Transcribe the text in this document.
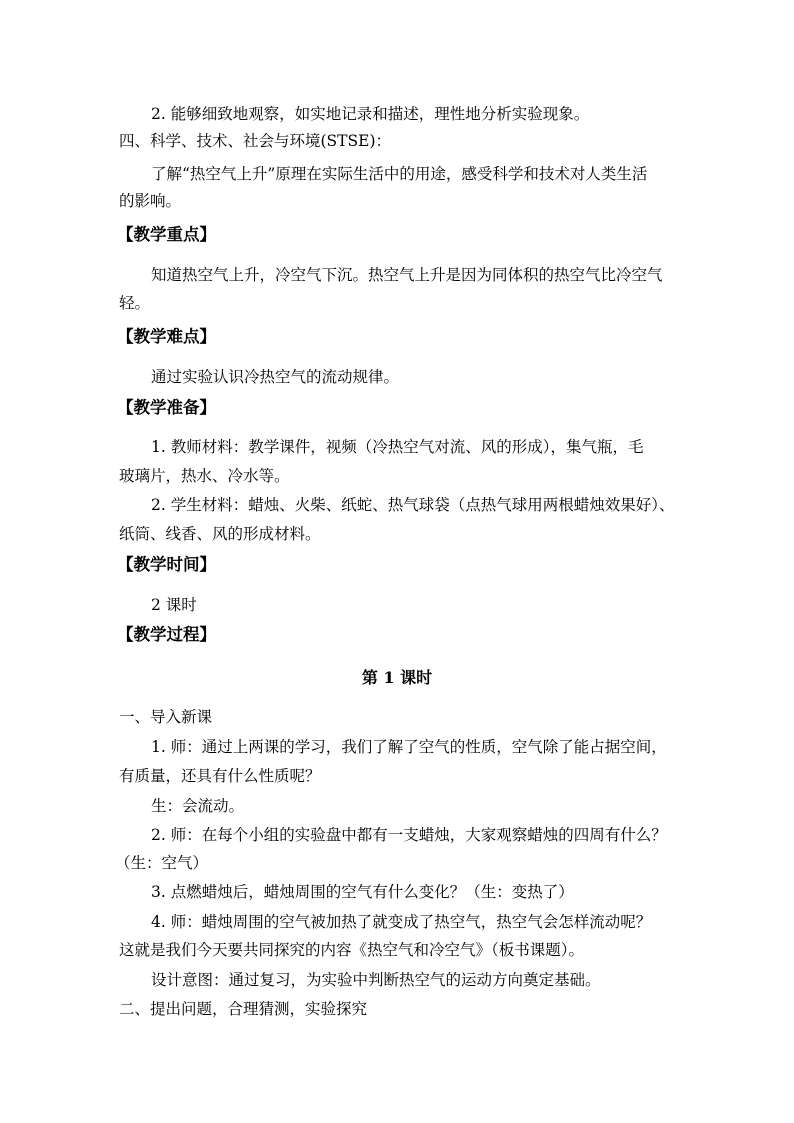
2. 能够细致地观察，如实地记录和描述，理性地分析实验现象。
四、科学、技术、社会与环境(STSE)：
了解“热空气上升”原理在实际生活中的用途，感受科学和技术对人类生活
的影响。
【教学重点】
知道热空气上升，冷空气下沉。热空气上升是因为同体积的热空气比冷空气
轻。
【教学难点】
通过实验认识冷热空气的流动规律。
【教学准备】
1. 教师材料：教学课件，视频（冷热空气对流、风的形成），集气瓶，毛
玻璃片，热水、冷水等。
2. 学生材料：蜡烛、火柴、纸蛇、热气球袋（点热气球用两根蜡烛效果好）、
纸筒、线香、风的形成材料。
【教学时间】
2 课时
【教学过程】
第 1 课时
一、导入新课
1. 师：通过上两课的学习，我们了解了空气的性质，空气除了能占据空间，
有质量，还具有什么性质呢？
生：会流动。
2. 师：在每个小组的实验盘中都有一支蜡烛，大家观察蜡烛的四周有什么？
（生：空气）
3. 点燃蜡烛后，蜡烛周围的空气有什么变化？（生：变热了）
4. 师：蜡烛周围的空气被加热了就变成了热空气，热空气会怎样流动呢？
这就是我们今天要共同探究的内容《热空气和冷空气》（板书课题）。
设计意图：通过复习，为实验中判断热空气的运动方向奠定基础。
二、提出问题，合理猜测，实验探究
